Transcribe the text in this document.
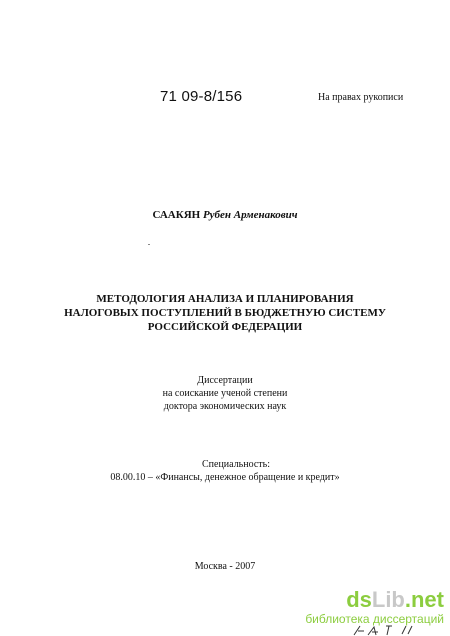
71 09-8/156	На правах рукописи
СААКЯН Рубен Арменакович
МЕТОДОЛОГИЯ АНАЛИЗА И ПЛАНИРОВАНИЯ
НАЛОГОВЫХ ПОСТУПЛЕНИЙ В БЮДЖЕТНУЮ СИСТЕМУ
РОССИЙСКОЙ ФЕДЕРАЦИИ
Диссертации
на соискание ученой степени
доктора экономических наук
Специальность:
08.00.10 – «Финансы, денежное обращение и кредит»
Москва - 2007
dsLib.net
библиотека диссертаций
